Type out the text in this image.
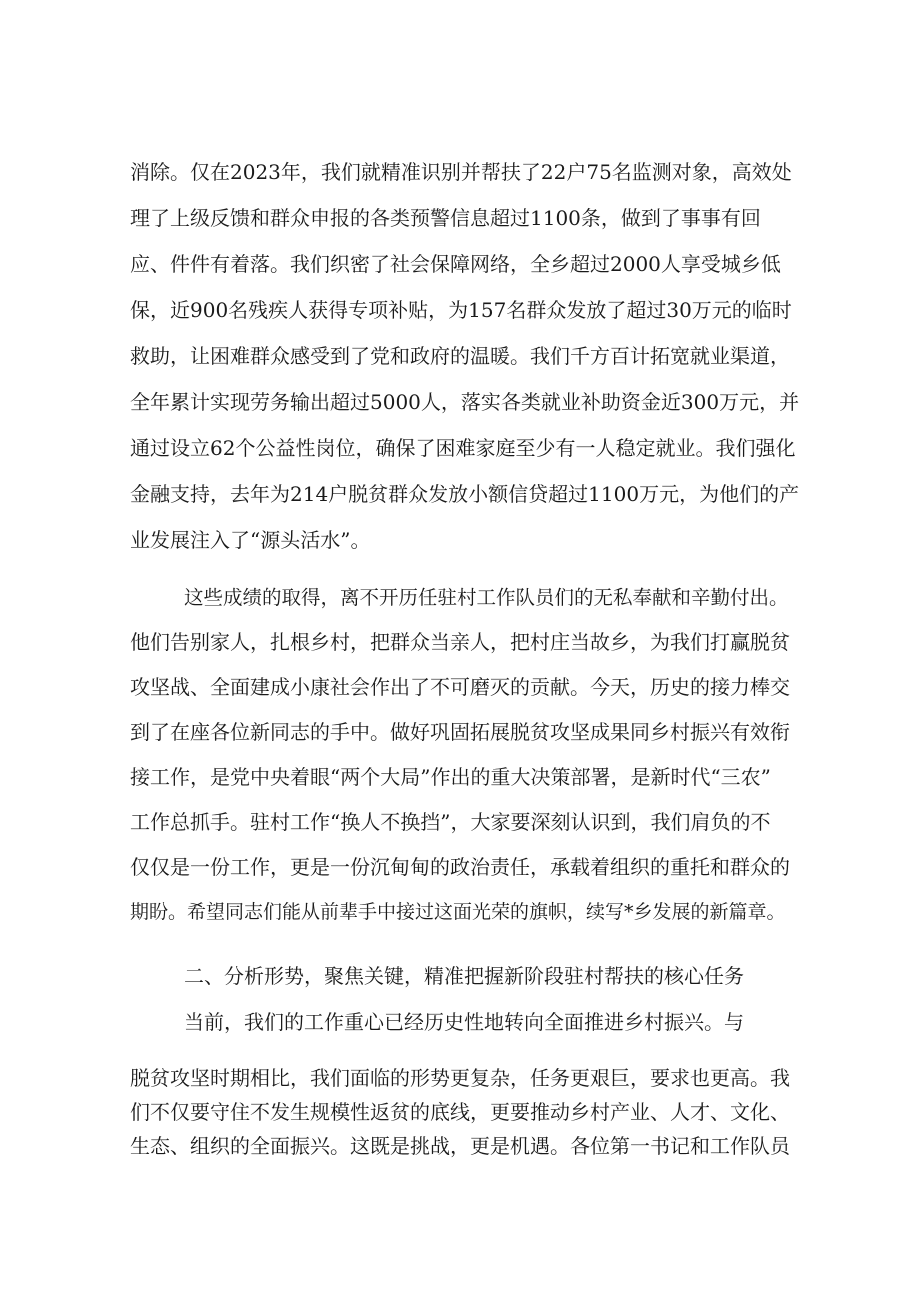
消除。仅在2023年，我们就精准识别并帮扶了22户75名监测对象，高效处
理了上级反馈和群众申报的各类预警信息超过1100条，做到了事事有回
应、件件有着落。我们织密了社会保障网络，全乡超过2000人享受城乡低
保，近900名残疾人获得专项补贴，为157名群众发放了超过30万元的临时
救助，让困难群众感受到了党和政府的温暖。我们千方百计拓宽就业渠道，
全年累计实现劳务输出超过5000人，落实各类就业补助资金近300万元，并
通过设立62个公益性岗位，确保了困难家庭至少有一人稳定就业。我们强化
金融支持，去年为214户脱贫群众发放小额信贷超过1100万元，为他们的产
业发展注入了“源头活水”。
这些成绩的取得，离不开历任驻村工作队员们的无私奉献和辛勤付出。
他们告别家人，扎根乡村，把群众当亲人，把村庄当故乡，为我们打赢脱贫
攻坚战、全面建成小康社会作出了不可磨灭的贡献。今天，历史的接力棒交
到了在座各位新同志的手中。做好巩固拓展脱贫攻坚成果同乡村振兴有效衔
接工作，是党中央着眼“两个大局”作出的重大决策部署，是新时代“三农”
工作总抓手。驻村工作“换人不换挡”，大家要深刻认识到，我们肩负的不
仅仅是一份工作，更是一份沉甸甸的政治责任，承载着组织的重托和群众的
期盼。希望同志们能从前辈手中接过这面光荣的旗帜，续写*乡发展的新篇章。
二、分析形势，聚焦关键，精准把握新阶段驻村帮扶的核心任务
当前，我们的工作重心已经历史性地转向全面推进乡村振兴。与
脱贫攻坚时期相比，我们面临的形势更复杂，任务更艰巨，要求也更高。我
们不仅要守住不发生规模性返贫的底线，更要推动乡村产业、人才、文化、
生态、组织的全面振兴。这既是挑战，更是机遇。各位第一书记和工作队员
